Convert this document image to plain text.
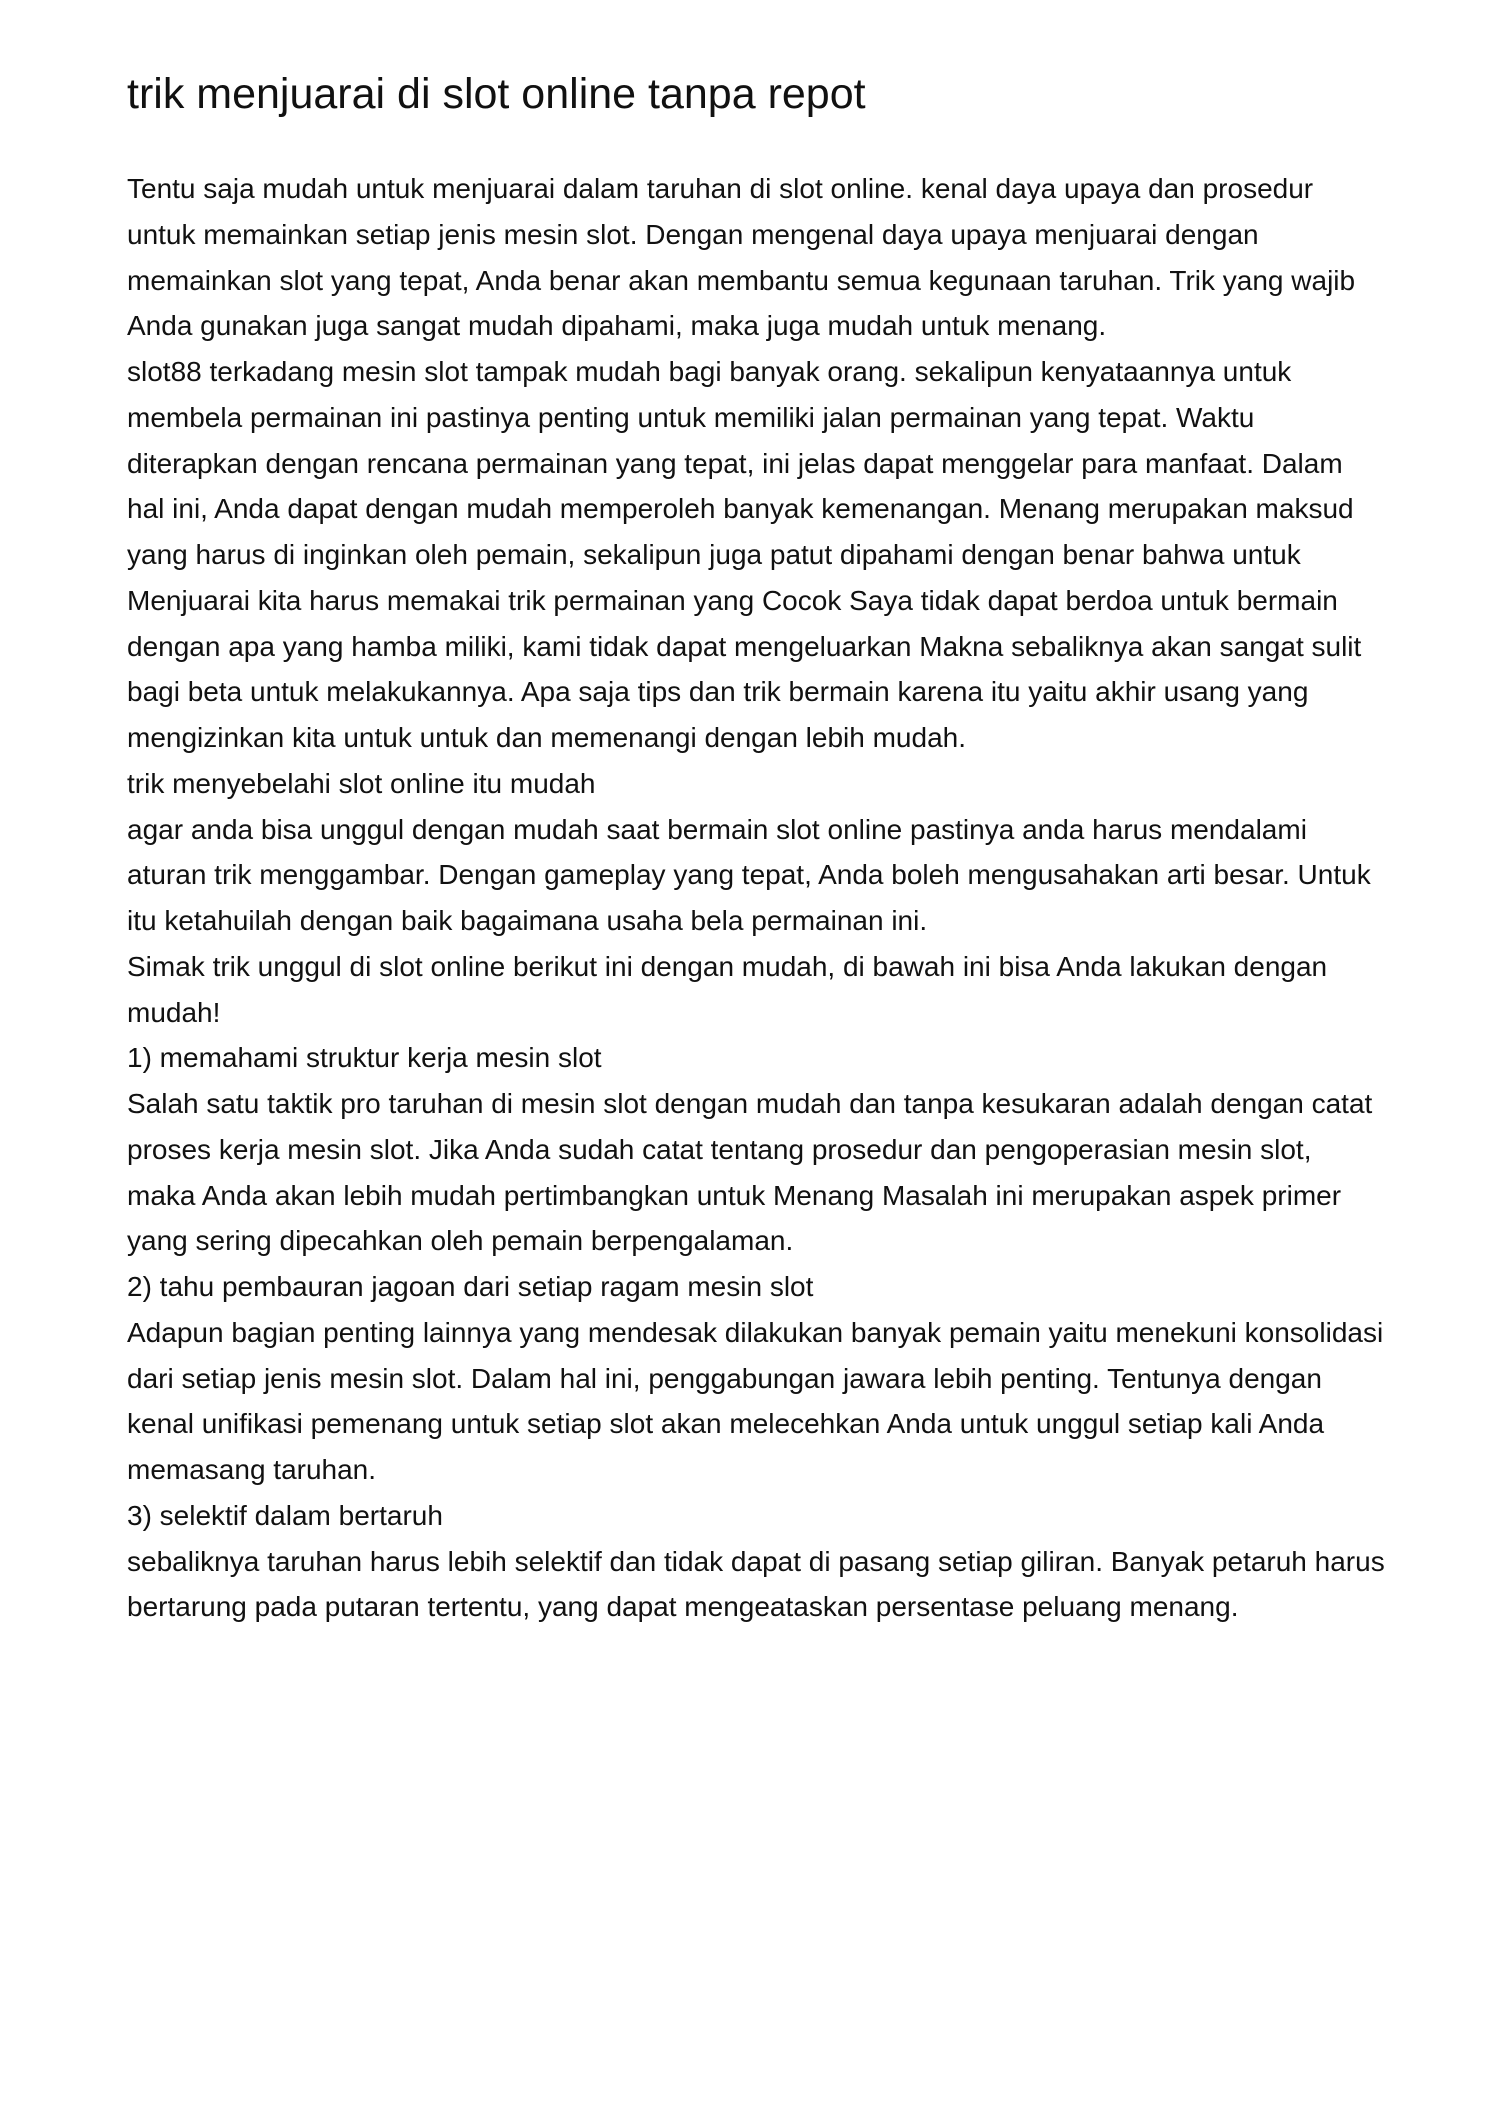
trik menjuarai di slot online tanpa repot

Tentu saja mudah untuk menjuarai dalam taruhan di slot online. kenal daya upaya dan prosedur untuk memainkan setiap jenis mesin slot. Dengan mengenal daya upaya menjuarai dengan memainkan slot yang tepat, Anda benar akan membantu semua kegunaan taruhan. Trik yang wajib Anda gunakan juga sangat mudah dipahami, maka juga mudah untuk menang.

slot88 terkadang mesin slot tampak mudah bagi banyak orang. sekalipun kenyataannya untuk membela permainan ini pastinya penting untuk memiliki jalan permainan yang tepat. Waktu diterapkan dengan rencana permainan yang tepat, ini jelas dapat menggelar para manfaat. Dalam hal ini, Anda dapat dengan mudah memperoleh banyak kemenangan. Menang merupakan maksud yang harus di inginkan oleh pemain, sekalipun juga patut dipahami dengan benar bahwa untuk Menjuarai kita harus memakai trik permainan yang Cocok Saya tidak dapat berdoa untuk bermain dengan apa yang hamba miliki, kami tidak dapat mengeluarkan Makna sebaliknya akan sangat sulit bagi beta untuk melakukannya. Apa saja tips dan trik bermain karena itu yaitu akhir usang yang mengizinkan kita untuk untuk dan memenangi dengan lebih mudah.

trik menyebelahi slot online itu mudah

agar anda bisa unggul dengan mudah saat bermain slot online pastinya anda harus mendalami aturan trik menggambar. Dengan gameplay yang tepat, Anda boleh mengusahakan arti besar. Untuk itu ketahuilah dengan baik bagaimana usaha bela permainan ini.

Simak trik unggul di slot online berikut ini dengan mudah, di bawah ini bisa Anda lakukan dengan mudah!

1) memahami struktur kerja mesin slot

Salah satu taktik pro taruhan di mesin slot dengan mudah dan tanpa kesukaran adalah dengan catat proses kerja mesin slot. Jika Anda sudah catat tentang prosedur dan pengoperasian mesin slot, maka Anda akan lebih mudah pertimbangkan untuk Menang Masalah ini merupakan aspek primer yang sering dipecahkan oleh pemain berpengalaman.

2) tahu pembauran jagoan dari setiap ragam mesin slot

Adapun bagian penting lainnya yang mendesak dilakukan banyak pemain yaitu menekuni konsolidasi dari setiap jenis mesin slot. Dalam hal ini, penggabungan jawara lebih penting. Tentunya dengan kenal unifikasi pemenang untuk setiap slot akan melecehkan Anda untuk unggul setiap kali Anda memasang taruhan.

3) selektif dalam bertaruh

sebaliknya taruhan harus lebih selektif dan tidak dapat di pasang setiap giliran. Banyak petaruh harus bertarung pada putaran tertentu, yang dapat mengeataskan persentase peluang menang.
